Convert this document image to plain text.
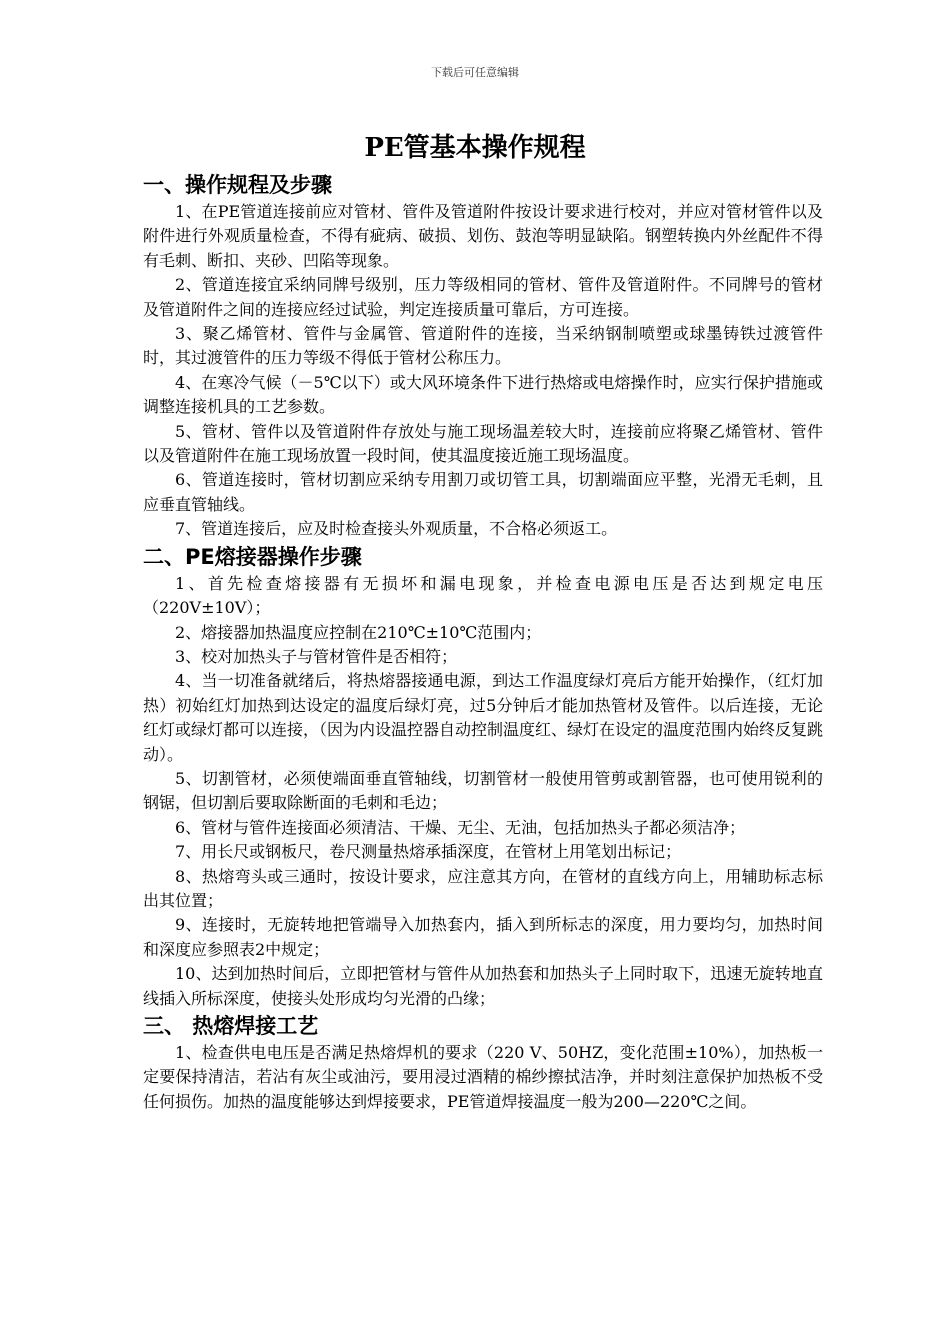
下载后可任意编辑
PE管基本操作规程
一、操作规程及步骤

1、在PE管道连接前应对管材、管件及管道附件按设计要求进行校对，并应对管材管件以及附件进行外观质量检查，不得有疵病、破损、划伤、鼓泡等明显缺陷。钢塑转换内外丝配件不得有毛刺、断扣、夹砂、凹陷等现象。

2、管道连接宜采纳同牌号级别，压力等级相同的管材、管件及管道附件。不同牌号的管材及管道附件之间的连接应经过试验，判定连接质量可靠后，方可连接。

3、聚乙烯管材、管件与金属管、管道附件的连接，当采纳钢制喷塑或球墨铸铁过渡管件时，其过渡管件的压力等级不得低于管材公称压力。

4、在寒冷气候（－5℃以下）或大风环境条件下进行热熔或电熔操作时，应实行保护措施或调整连接机具的工艺参数。

5、管材、管件以及管道附件存放处与施工现场温差较大时，连接前应将聚乙烯管材、管件以及管道附件在施工现场放置一段时间，使其温度接近施工现场温度。

6、管道连接时，管材切割应采纳专用割刀或切管工具，切割端面应平整，光滑无毛刺，且应垂直管轴线。

7、管道连接后，应及时检查接头外观质量，不合格必须返工。

二、PE熔接器操作步骤

1、首先检查熔接器有无损坏和漏电现象，并检查电源电压是否达到规定电压（220V±10V）；

2、熔接器加热温度应控制在210℃±10℃范围内；

3、校对加热头子与管材管件是否相符；

4、当一切准备就绪后，将热熔器接通电源，到达工作温度绿灯亮后方能开始操作，（红灯加热）初始红灯加热到达设定的温度后绿灯亮，过5分钟后才能加热管材及管件。以后连接，无论红灯或绿灯都可以连接，（因为内设温控器自动控制温度红、绿灯在设定的温度范围内始终反复跳动）。

5、切割管材，必须使端面垂直管轴线，切割管材一般使用管剪或割管器，也可使用锐利的钢锯，但切割后要取除断面的毛刺和毛边；

6、管材与管件连接面必须清洁、干燥、无尘、无油，包括加热头子都必须洁净；

7、用长尺或钢板尺，卷尺测量热熔承插深度，在管材上用笔划出标记；

8、热熔弯头或三通时，按设计要求，应注意其方向，在管材的直线方向上，用辅助标志标出其位置；

9、连接时，无旋转地把管端导入加热套内，插入到所标志的深度，用力要均匀，加热时间和深度应参照表2中规定；

10、达到加热时间后，立即把管材与管件从加热套和加热头子上同时取下，迅速无旋转地直线插入所标深度，使接头处形成均匀光滑的凸缘；

三、 热熔焊接工艺

1、检查供电电压是否满足热熔焊机的要求（220 V、50HZ，变化范围±10%），加热板一定要保持清洁，若沾有灰尘或油污，要用浸过酒精的棉纱擦拭洁净，并时刻注意保护加热板不受任何损伤。加热的温度能够达到焊接要求，PE管道焊接温度一般为200—220℃之间。
